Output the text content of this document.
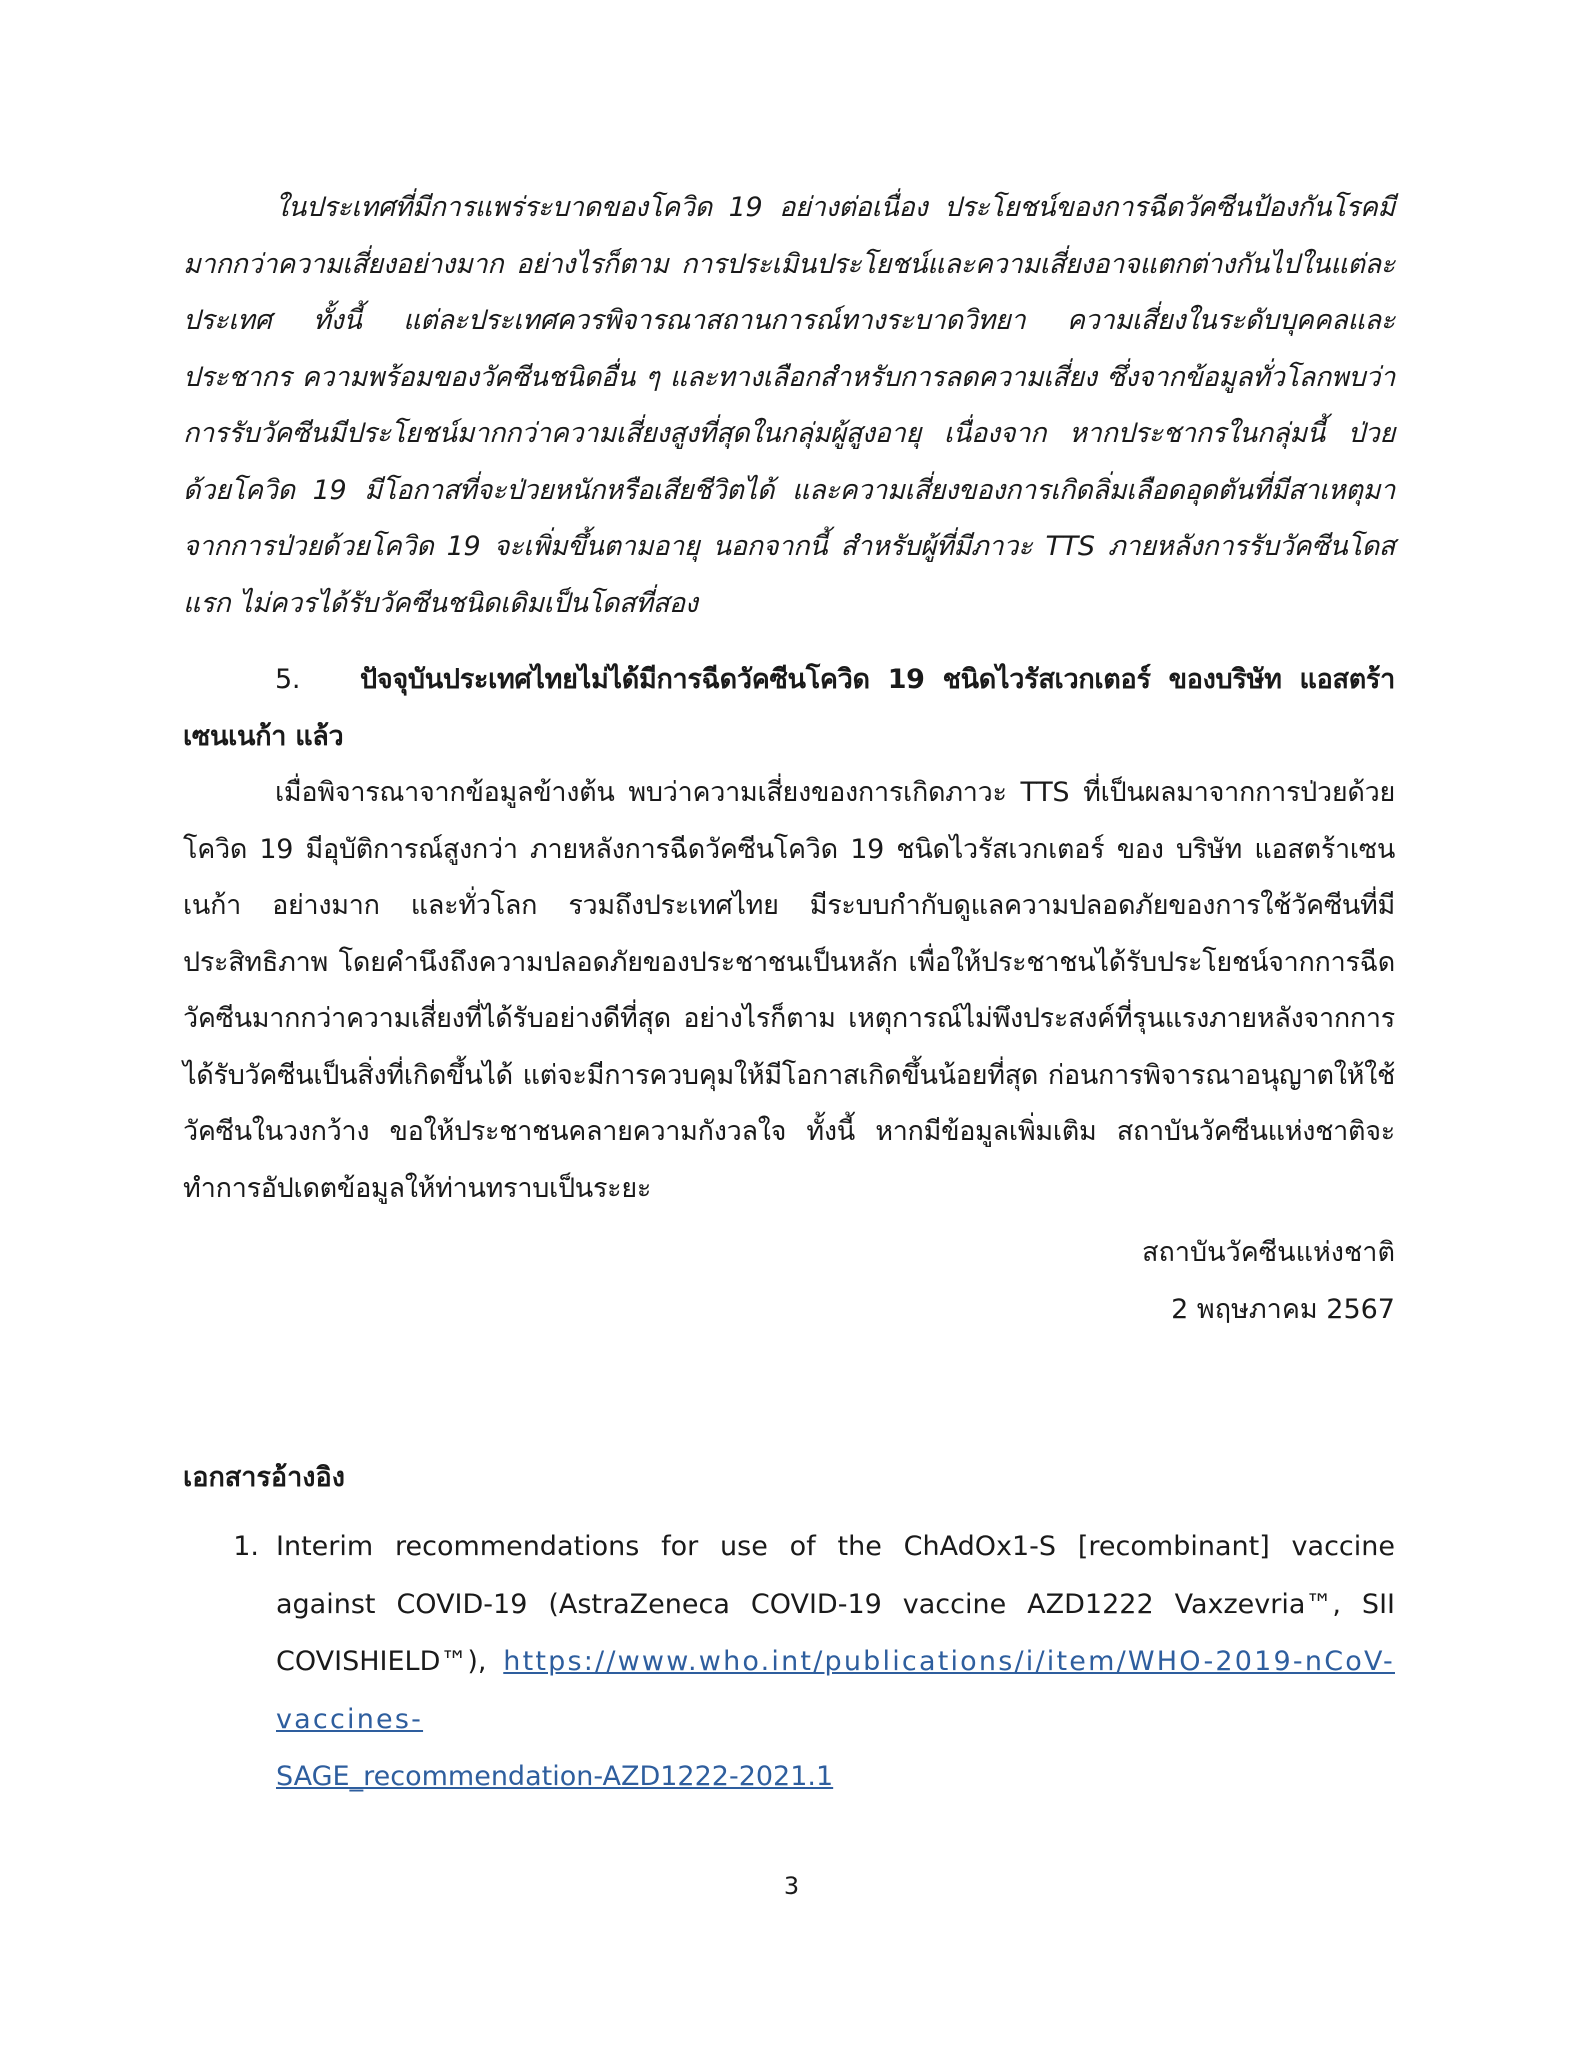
ในประเทศที่มีการแพร่ระบาดของโควิด 19 อย่างต่อเนื่อง ประโยชน์ของการฉีดวัคซีนป้องกันโรคมีมากกว่าความเสี่ยงอย่างมาก อย่างไรก็ตาม การประเมินประโยชน์และความเสี่ยงอาจแตกต่างกันไปในแต่ละประเทศ ทั้งนี้ แต่ละประเทศควรพิจารณาสถานการณ์ทางระบาดวิทยา ความเสี่ยงในระดับบุคคลและประชากร ความพร้อมของวัคซีนชนิดอื่น ๆ และทางเลือกสำหรับการลดความเสี่ยง ซึ่งจากข้อมูลทั่วโลกพบว่า การรับวัคซีนมีประโยชน์มากกว่าความเสี่ยงสูงที่สุดในกลุ่มผู้สูงอายุ เนื่องจาก หากประชากรในกลุ่มนี้ ป่วยด้วยโควิด 19 มีโอกาสที่จะป่วยหนักหรือเสียชีวิตได้ และความเสี่ยงของการเกิดลิ่มเลือดอุดตันที่มีสาเหตุมาจากการป่วยด้วยโควิด 19 จะเพิ่มขึ้นตามอายุ นอกจากนี้ สำหรับผู้ที่มีภาวะ TTS ภายหลังการรับวัคซีนโดสแรก ไม่ควรได้รับวัคซีนชนิดเดิมเป็นโดสที่สอง
5. ปัจจุบันประเทศไทยไม่ได้มีการฉีดวัคซีนโควิด 19 ชนิดไวรัสเวกเตอร์ ของบริษัท แอสตร้าเซนเนก้า แล้ว
เมื่อพิจารณาจากข้อมูลข้างต้น พบว่าความเสี่ยงของการเกิดภาวะ TTS ที่เป็นผลมาจากการป่วยด้วยโควิด 19 มีอุบัติการณ์สูงกว่า ภายหลังการฉีดวัคซีนโควิด 19 ชนิดไวรัสเวกเตอร์ ของ บริษัท แอสตร้าเซนเนก้า อย่างมาก และทั่วโลก รวมถึงประเทศไทย มีระบบกำกับดูแลความปลอดภัยของการใช้วัคซีนที่มีประสิทธิภาพ โดยคำนึงถึงความปลอดภัยของประชาชนเป็นหลัก เพื่อให้ประชาชนได้รับประโยชน์จากการฉีดวัคซีนมากกว่าความเสี่ยงที่ได้รับอย่างดีที่สุด อย่างไรก็ตาม เหตุการณ์ไม่พึงประสงค์ที่รุนแรงภายหลังจากการได้รับวัคซีนเป็นสิ่งที่เกิดขึ้นได้ แต่จะมีการควบคุมให้มีโอกาสเกิดขึ้นน้อยที่สุด ก่อนการพิจารณาอนุญาตให้ใช้วัคซีนในวงกว้าง ขอให้ประชาชนคลายความกังวลใจ ทั้งนี้ หากมีข้อมูลเพิ่มเติม สถาบันวัคซีนแห่งชาติจะทำการอัปเดตข้อมูลให้ท่านทราบเป็นระยะ
สถาบันวัคซีนแห่งชาติ
2 พฤษภาคม 2567
เอกสารอ้างอิง
1. Interim recommendations for use of the ChAdOx1-S [recombinant] vaccine against COVID-19 (AstraZeneca COVID-19 vaccine AZD1222 Vaxzevria™, SII COVISHIELD™), https://www.who.int/publications/i/item/WHO-2019-nCoV-vaccines-
SAGE_recommendation-AZD1222-2021.1
3
